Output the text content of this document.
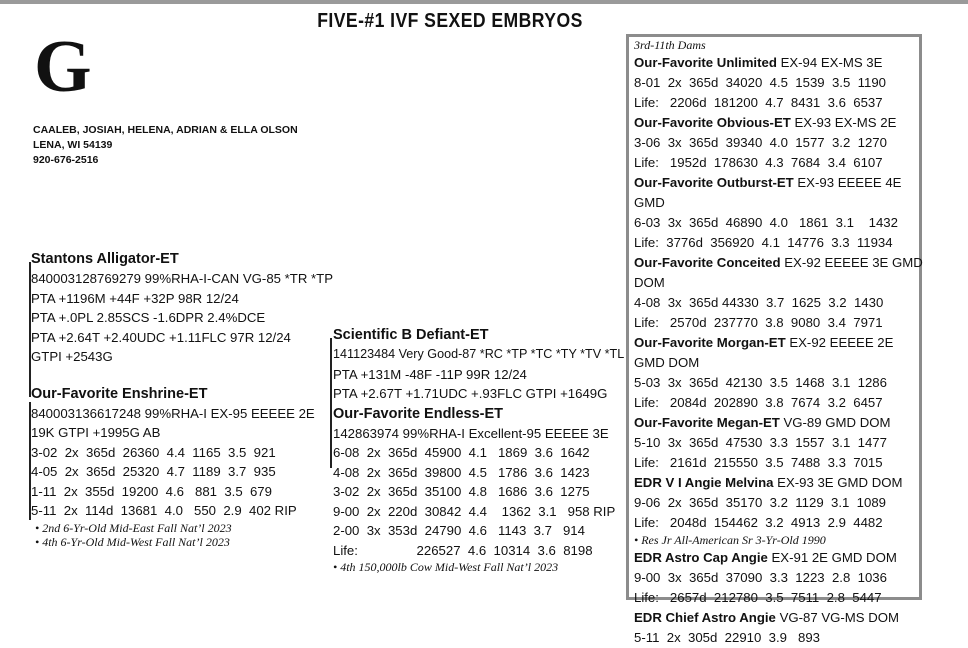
FIVE-#1 IVF SEXED EMBRYOS
G
CAALEB, JOSIAH, HELENA, ADRIAN & ELLA OLSON
LENA, WI 54139
920-676-2516
Stantons Alligator-ET
840003128769279 99%RHA-I-CAN VG-85 *TR *TP
PTA +1196M +44F +32P 98R 12/24
PTA +.0PL 2.85SCS -1.6DPR 2.4%DCE
PTA +2.64T +2.40UDC +1.11FLC 97R 12/24
GTPI +2543G
Our-Favorite Enshrine-ET
840003136617248 99%RHA-I EX-95 EEEEE 2E
19K GTPI +1995G AB
3-02  2x  365d  26360  4.4  1165  3.5  921
4-05  2x  365d  25320  4.7  1189  3.7  935
1-11  2x  355d  19200  4.6   881  3.5  679
5-11  2x  114d  13681  4.0   550  2.9  402 RIP
• 2nd 6-Yr-Old Mid-East Fall Nat’l 2023
• 4th 6-Yr-Old Mid-West Fall Nat’l 2023
Scientific B Defiant-ET
141123484 Very Good-87 *RC *TP *TC *TY *TV *TL
PTA +131M -48F -11P 99R 12/24
PTA +2.67T +1.71UDC +.93FLC GTPI +1649G
Our-Favorite Endless-ET
142863974 99%RHA-I Excellent-95 EEEEE 3E
6-08  2x  365d  45900  4.1   1869  3.6  1642
4-08  2x  365d  39800  4.5   1786  3.6  1423
3-02  2x  365d  35100  4.8   1686  3.6  1275
9-00  2x  220d  30842  4.4    1362  3.1   958 RIP
2-00  3x  353d  24790  4.6   1143  3.7   914
Life:                226527  4.6  10314  3.6  8198
• 4th 150,000lb Cow Mid-West Fall Nat’l 2023
3rd-11th Dams
Our-Favorite Unlimited EX-94 EX-MS 3E
8-01  2x  365d  34020  4.5  1539  3.5  1190
Life:   2206d  181200  4.7  8431  3.6  6537
Our-Favorite Obvious-ET EX-93 EX-MS 2E
3-06  3x  365d  39340  4.0  1577  3.2  1270
Life:   1952d  178630  4.3  7684  3.4  6107
Our-Favorite Outburst-ET EX-93 EEEEE 4E GMD
6-03  3x  365d  46890  4.0   1861  3.1    1432
Life:  3776d  356920  4.1  14776  3.3  11934
Our-Favorite Conceited EX-92 EEEEE 3E GMD DOM
4-08  3x  365d 44330  3.7  1625  3.2  1430
Life:   2570d  237770  3.8  9080  3.4  7971
Our-Favorite Morgan-ET EX-92 EEEEE 2E GMD DOM
5-03  3x  365d  42130  3.5  1468  3.1  1286
Life:   2084d  202890  3.8  7674  3.2  6457
Our-Favorite Megan-ET VG-89 GMD DOM
5-10  3x  365d  47530  3.3  1557  3.1  1477
Life:   2161d  215550  3.5  7488  3.3  7015
EDR V I Angie Melvina EX-93 3E GMD DOM
9-06  2x  365d  35170  3.2  1129  3.1  1089
Life:   2048d  154462  3.2  4913  2.9  4482
• Res Jr All-American Sr 3-Yr-Old 1990
EDR Astro Cap Angie EX-91 2E GMD DOM
9-00  3x  365d  37090  3.3  1223  2.8  1036
Life:   2657d  212780  3.5  7511  2.8  5447
EDR Chief Astro Angie VG-87 VG-MS DOM
5-11  2x  305d  22910  3.9   893
